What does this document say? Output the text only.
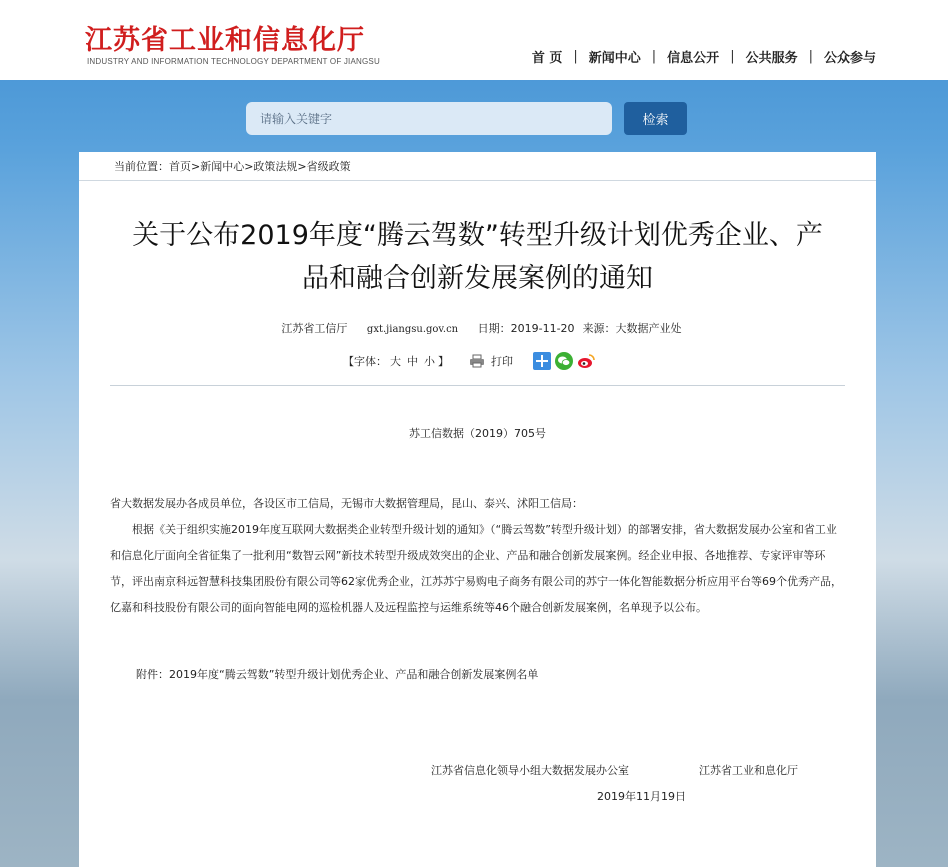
江苏省工业和信息化厅
INDUSTRY AND INFORMATION TECHNOLOGY DEPARTMENT OF JIANGSU	首 页 | 新闻中心 | 信息公开 | 公共服务 | 公众参与
请输入关键字
检索
当前位置：首页>新闻中心>政策法规>省级政策
关于公布2019年度“腾云驾数”转型升级计划优秀企业、产品和融合创新发展案例的通知
江苏省工信厅 gxt.jiangsu.gov.cn 日期：2019-11-20 来源：大数据产业处
【字体： 大 中 小 】	打印
苏工信数据（2019）705号

省大数据发展办各成员单位，各设区市工信局，无锡市大数据管理局，昆山、泰兴、沭阳工信局：

根据《关于组织实施2019年度互联网大数据类企业转型升级计划的通知》（“腾云驾数”转型升级计划）的部署安排，省大数据发展办公室和省工业和信息化厅面向全省征集了一批利用“数智云网”新技术转型升级成效突出的企业、产品和融合创新发展案例。经企业申报、各地推荐、专家评审等环节，评出南京科远智慧科技集团股份有限公司等62家优秀企业，江苏苏宁易购电子商务有限公司的苏宁一体化智能数据分析应用平台等69个优秀产品，亿嘉和科技股份有限公司的面向智能电网的巡检机器人及远程监控与运维系统等46个融合创新发展案例，名单现予以公布。

附件：2019年度“腾云驾数”转型升级计划优秀企业、产品和融合创新发展案例名单
江苏省信息化领导小组大数据发展办公室	江苏省工业和息化厅
2019年11月19日
